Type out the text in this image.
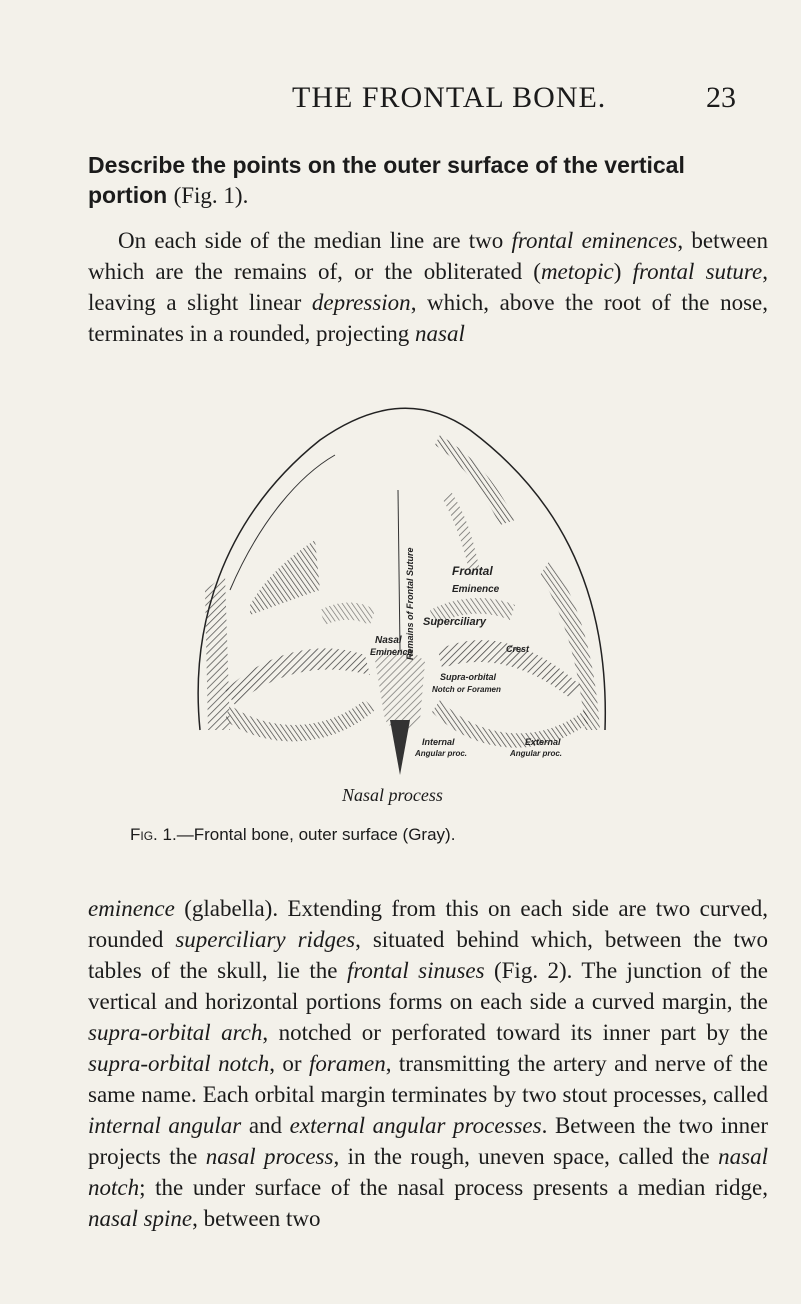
THE FRONTAL BONE.	23
Describe the points on the outer surface of the vertical portion (Fig. 1).

On each side of the median line are two frontal eminences, between which are the remains of, or the obliterated (metopic) frontal suture, leaving a slight linear depression, which, above the root of the nose, terminates in a rounded, projecting nasal

Remains of Frontal Suture	Frontal
Eminence
Superciliary
Nasal
Eminence	Crest
Supra-orbital
Notch or Foramen
Internal
Angular proc.
External
Angular proc.
Nasal process
Fig. 1.—Frontal bone, outer surface (Gray).

eminence (glabella). Extending from this on each side are two curved, rounded superciliary ridges, situated behind which, between the two tables of the skull, lie the frontal sinuses (Fig. 2). The junction of the vertical and horizontal portions forms on each side a curved margin, the supra-orbital arch, notched or perforated toward its inner part by the supra-orbital notch, or foramen, transmitting the artery and nerve of the same name. Each orbital margin terminates by two stout processes, called internal angular and external angular processes. Between the two inner projects the nasal process, in the rough, uneven space, called the nasal notch; the under surface of the nasal process presents a median ridge, nasal spine, between two
